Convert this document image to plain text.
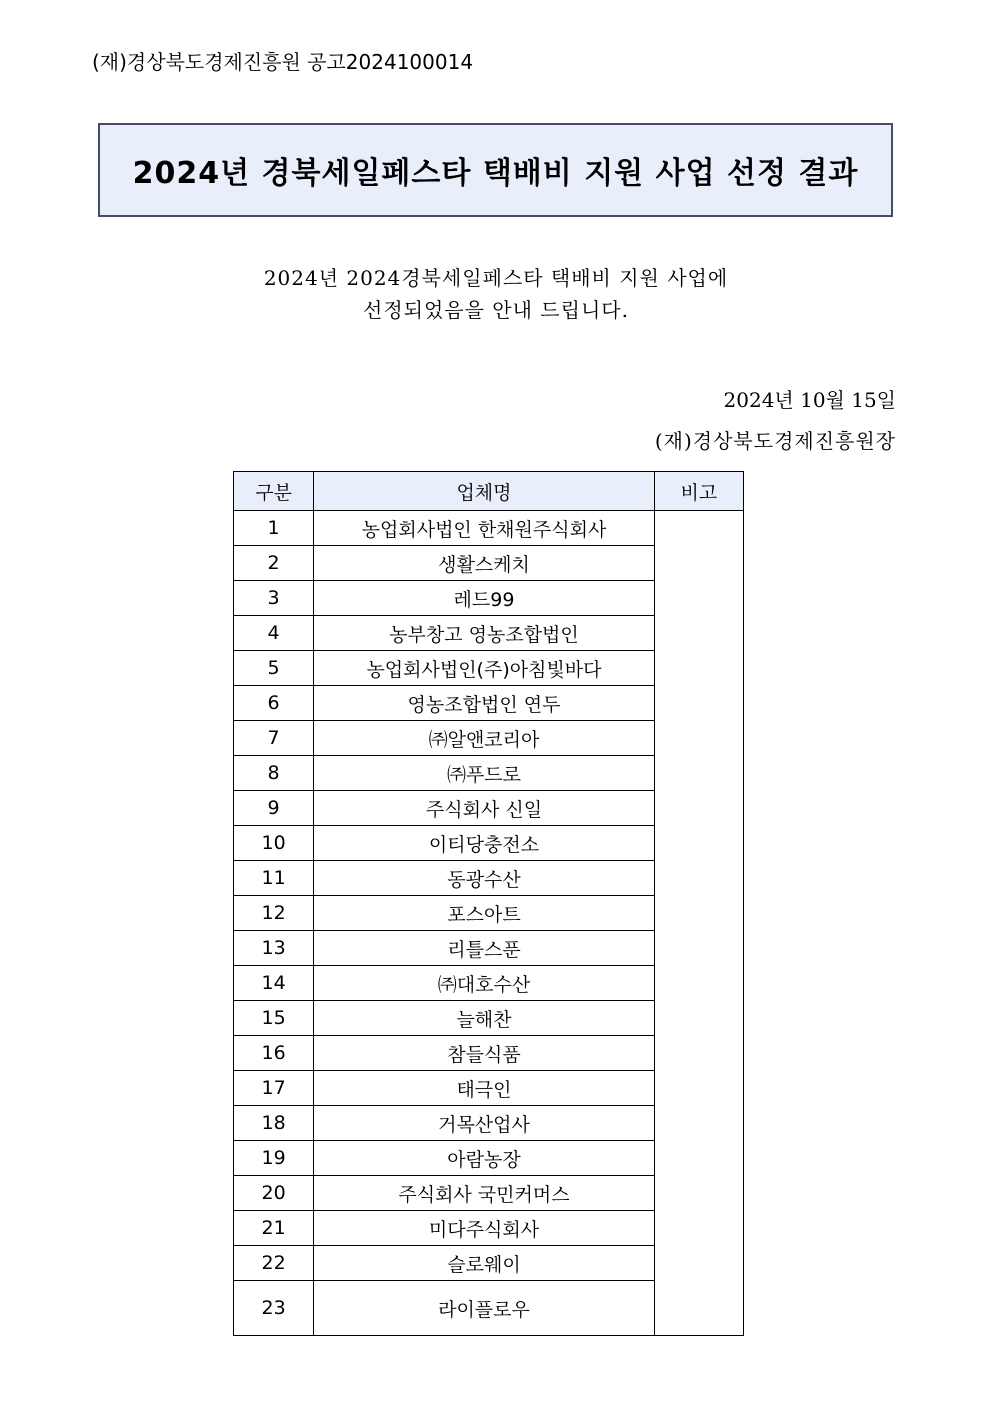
(재)경상북도경제진흥원 공고2024100014
2024년 경북세일페스타 택배비 지원 사업 선정 결과
2024년 2024경북세일페스타 택배비 지원 사업에
선정되었음을 안내 드립니다.
2024년 10월 15일
(재)경상북도경제진흥원장
구분	업체명	비고
1	농업회사법인 한채원주식회사	
2	생활스케치	
3	레드99	
4	농부창고 영농조합법인	
5	농업회사법인(주)아침빛바다	
6	영농조합법인 연두	
7	㈜알앤코리아	
8	㈜푸드로	
9	주식회사 신일	
10	이티당충전소	
11	동광수산	
12	포스아트	
13	리틀스푼	
14	㈜대호수산	
15	늘해찬	
16	참들식품	
17	태극인	
18	거목산업사	
19	아람농장	
20	주식회사 국민커머스	
21	미다주식회사	
22	슬로웨이	
23	라이플로우	
